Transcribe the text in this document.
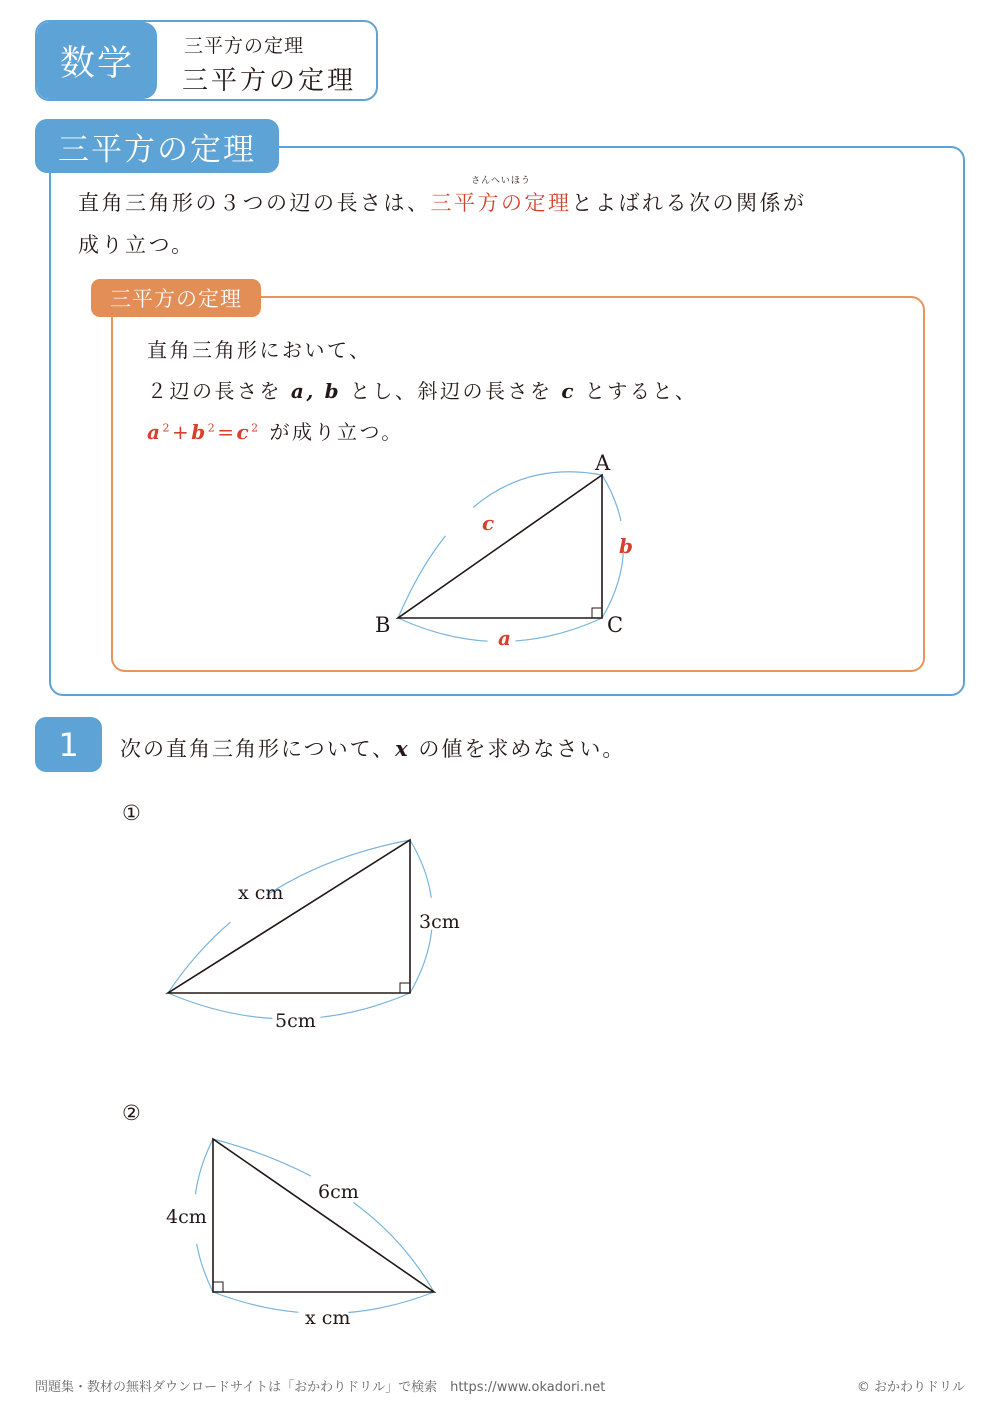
数学	三平方の定理
三平方の定理
三平方の定理
直角三角形の３つの辺の長さは、
さんへいほう
三平方の定理とよばれる次の関係が
成り立つ。
三平方の定理
直角三角形において、
２辺の長さを a, b とし、斜辺の長さを c とすると、
$a^2+b^2=c^2$ が成り立つ。
A
B	C
c
b
a
x cm
3cm
5cm
6cm
4cm
x cm
1	次の直角三角形について、x の値を求めなさい。
①
②
問題集・教材の無料ダウンロードサイトは「おかわりドリル」で検索　https://www.okadori.net	© おかわりドリル
